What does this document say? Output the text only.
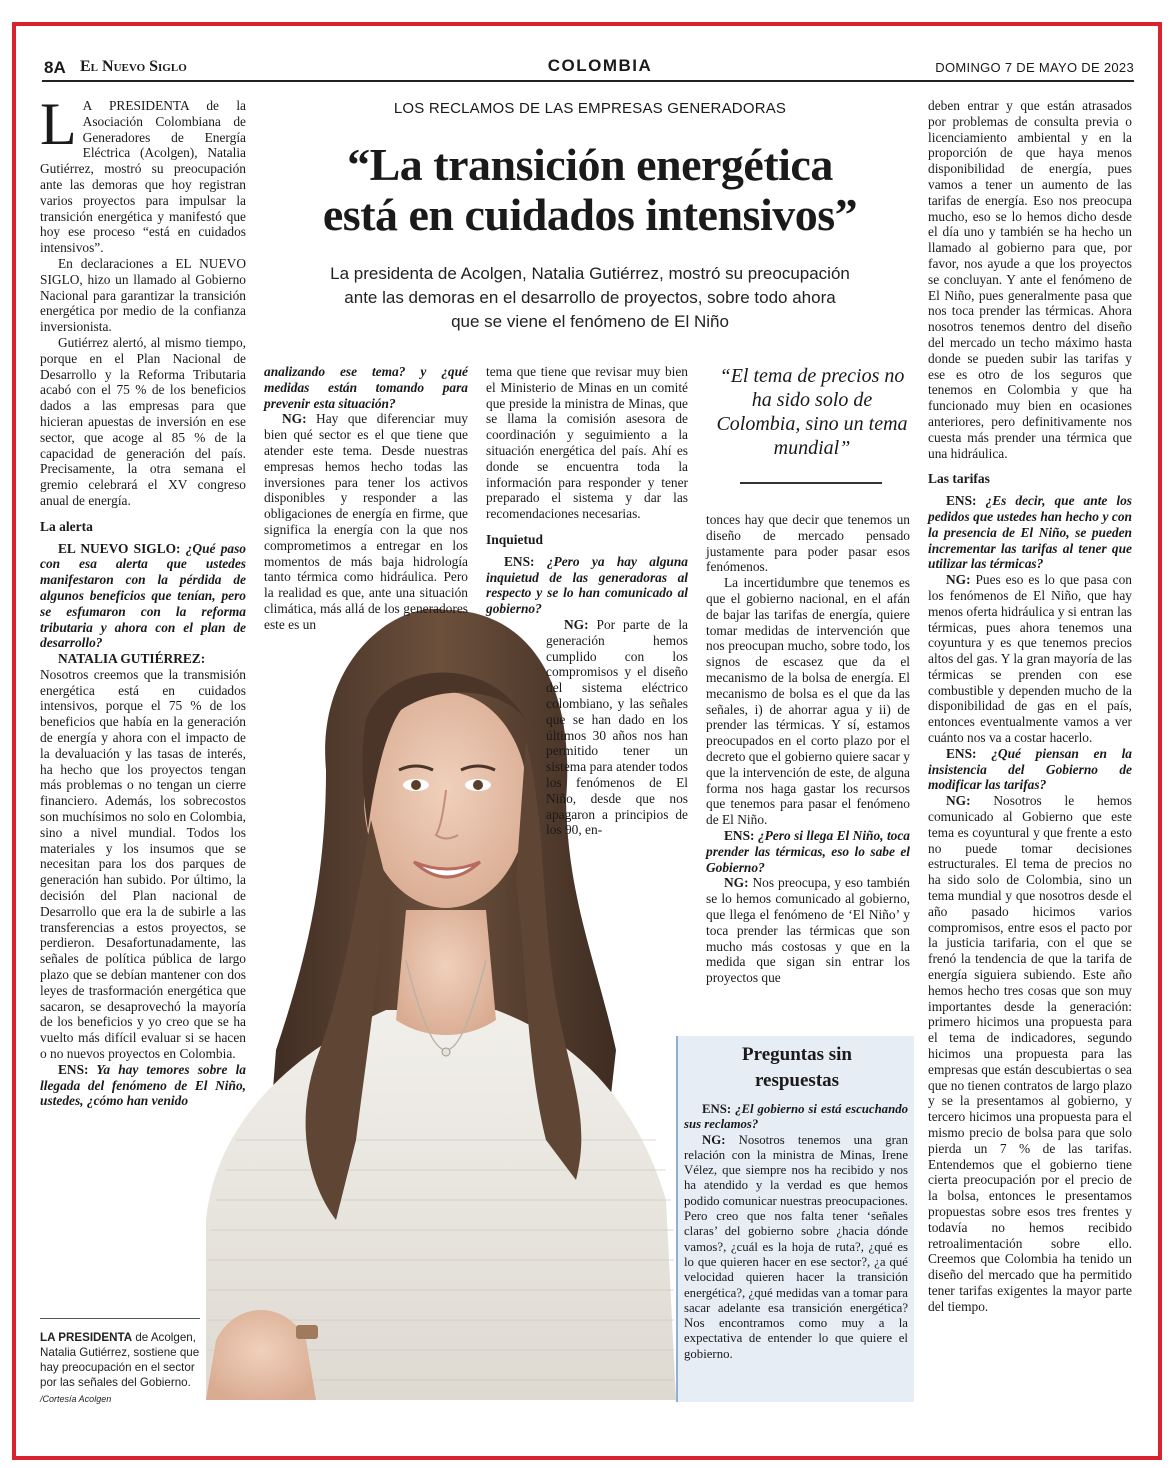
8A El Nuevo Siglo	COLOMBIA	DOMINGO 7 DE MAYO DE 2023
LOS RECLAMOS DE LAS EMPRESAS GENERADORAS
“La transición energética
está en cuidados intensivos”
La presidenta de Acolgen, Natalia Gutiérrez, mostró su preocupación
ante las demoras en el desarrollo de proyectos, sobre todo ahora
que se viene el fenómeno de El Niño

L A PRESIDENTA de la Asociación Colombiana de Generadores de Energía Eléctrica (Acolgen), Natalia Gutiérrez, mostró su preocupación ante las demoras que hoy registran varios proyectos para impulsar la transición energética y manifestó que hoy ese proceso “está en cuidados intensivos”.

En declaraciones a EL NUEVO SIGLO, hizo un llamado al Gobierno Nacional para garantizar la transición energética por medio de la confianza inversionista.

Gutiérrez alertó, al mismo tiempo, porque en el Plan Nacional de Desarrollo y la Reforma Tributaria acabó con el 75 % de los beneficios dados a las empresas para que hicieran apuestas de inversión en ese sector, que acoge al 85 % de la capacidad de generación del país. Precisamente, la otra semana el gremio celebrará el XV congreso anual de energía.

La alerta

EL NUEVO SIGLO: ¿Qué paso con esa alerta que ustedes manifestaron con la pérdida de algunos beneficios que tenían, pero se esfumaron con la reforma tributaria y ahora con el plan de desarrollo?

NATALIA GUTIÉRREZ: Nosotros creemos que la transmisión energética está en cuidados intensivos, porque el 75 % de los beneficios que había en la generación de energía y ahora con el impacto de la devaluación y las tasas de interés, ha hecho que los proyectos tengan más problemas o no tengan un cierre financiero. Además, los sobrecostos son muchísimos no solo en Colombia, sino a nivel mundial. Todos los materiales y los insumos que se necesitan para los dos parques de generación han subido. Por último, la decisión del Plan nacional de Desarrollo que era la de subirle a las transferencias a estos proyectos, se perdieron. Desafortunadamente, las señales de política pública de largo plazo que se debían mantener con dos leyes de trasformación energética que sacaron, se desaprovechó la mayoría de los beneficios y yo creo que se ha vuelto más difícil evaluar si se hacen o no nuevos proyectos en Colombia.

ENS: Ya hay temores sobre la llegada del fenómeno de El Niño, ustedes, ¿cómo han venido

analizando ese tema? y ¿qué medidas están tomando para prevenir esta situación?

NG: Hay que diferenciar muy bien qué sector es el que tiene que atender este tema. Desde nuestras empresas hemos hecho todas las inversiones para tener los activos disponibles y responder a las obligaciones de energía en firme, que significa la energía con la que nos comprometimos a entregar en los momentos de más baja hidrología tanto térmica como hidráulica. Pero la realidad es que, ante una situación climática, más allá de los generadores este es un

tema que tiene que revisar muy bien el Ministerio de Minas en un comité que preside la ministra de Minas, que se llama la comisión asesora de coordinación y seguimiento a la situación energética del país. Ahí es donde se encuentra toda la información para responder y tener preparado el sistema y dar las recomendaciones necesarias.

Inquietud

ENS: ¿Pero ya hay alguna inquietud de las generadoras al respecto y se lo han comunicado al gobierno?

NG: Por parte de la generación hemos cumplido con los compromisos y el diseño del sistema eléctrico colombiano, y las señales que se han dado en los últimos 30 años nos han permitido tener un sistema para atender todos los fenómenos de El Niño, desde que nos apagaron a principios de los 90, en-

“El tema de precios no ha sido solo de Colombia, sino un tema mundial”

tonces hay que decir que tenemos un diseño de mercado pensado justamente para poder pasar esos fenómenos.

La incertidumbre que tenemos es que el gobierno nacional, en el afán de bajar las tarifas de energía, quiere tomar medidas de intervención que nos preocupan mucho, sobre todo, los signos de escasez que da el mecanismo de la bolsa de energía. El mecanismo de bolsa es el que da las señales, i) de ahorrar agua y ii) de prender las térmicas. Y sí, estamos preocupados en el corto plazo por el decreto que el gobierno quiere sacar y que la intervención de este, de alguna forma nos haga gastar los recursos que tenemos para pasar el fenómeno de El Niño.

ENS: ¿Pero si llega El Niño, toca prender las térmicas, eso lo sabe el Gobierno?

NG: Nos preocupa, y eso también se lo hemos comunicado al gobierno, que llega el fenómeno de ‘El Niño’ y toca prender las térmicas que son mucho más costosas y que en la medida que sigan sin entrar los proyectos que

Preguntas sin
respuestas

ENS: ¿El gobierno si está escuchando sus reclamos?

NG: Nosotros tenemos una gran relación con la ministra de Minas, Irene Vélez, que siempre nos ha recibido y nos ha atendido y la verdad es que hemos podido comunicar nuestras preocupaciones. Pero creo que nos falta tener ‘señales claras’ del gobierno sobre ¿hacia dónde vamos?, ¿cuál es la hoja de ruta?, ¿qué es lo que quieren hacer en ese sector?, ¿a qué velocidad quieren hacer la transición energética?, ¿qué medidas van a tomar para sacar adelante esa transición energética? Nos encontramos como muy a la expectativa de entender lo que quiere el gobierno.

deben entrar y que están atrasados por problemas de consulta previa o licenciamiento ambiental y en la proporción de que haya menos disponibilidad de energía, pues vamos a tener un aumento de las tarifas de energía. Eso nos preocupa mucho, eso se lo hemos dicho desde el día uno y también se ha hecho un llamado al gobierno para que, por favor, nos ayude a que los proyectos se concluyan. Y ante el fenómeno de El Niño, pues generalmente pasa que nos toca prender las térmicas. Ahora nosotros tenemos dentro del diseño del mercado un techo máximo hasta donde se pueden subir las tarifas y ese es otro de los seguros que tenemos en Colombia y que ha funcionado muy bien en ocasiones anteriores, pero definitivamente nos cuesta más prender una térmica que una hidráulica.

Las tarifas

ENS: ¿Es decir, que ante los pedidos que ustedes han hecho y con la presencia de El Niño, se pueden incrementar las tarifas al tener que utilizar las térmicas?

NG: Pues eso es lo que pasa con los fenómenos de El Niño, que hay menos oferta hidráulica y si entran las térmicas, pues ahora tenemos una coyuntura y es que tenemos precios altos del gas. Y la gran mayoría de las térmicas se prenden con ese combustible y dependen mucho de la disponibilidad de gas en el país, entonces eventualmente vamos a ver cuánto nos va a costar hacerlo.

ENS: ¿Qué piensan en la insistencia del Gobierno de modificar las tarifas?

NG: Nosotros le hemos comunicado al Gobierno que este tema es coyuntural y que frente a esto no puede tomar decisiones estructurales. El tema de precios no ha sido solo de Colombia, sino un tema mundial y que nosotros desde el año pasado hicimos varios compromisos, entre esos el pacto por la justicia tarifaria, con el que se frenó la tendencia de que la tarifa de energía siguiera subiendo. Este año hemos hecho tres cosas que son muy importantes desde la generación: primero hicimos una propuesta para el tema de indicadores, segundo hicimos una propuesta para las empresas que están descubiertas o sea que no tienen contratos de largo plazo y se la presentamos al gobierno, y tercero hicimos una propuesta para el mismo precio de bolsa para que solo pierda un 7 % de las tarifas. Entendemos que el gobierno tiene cierta preocupación por el precio de la bolsa, entonces le presentamos propuestas sobre esos tres frentes y todavía no hemos recibido retroalimentación sobre ello. Creemos que Colombia ha tenido un diseño del mercado que ha permitido tener tarifas exigentes la mayor parte del tiempo.

LA PRESIDENTA de Acolgen, Natalia Gutiérrez, sostiene que hay preocupación en el sector por las señales del Gobierno. /Cortesía Acolgen
